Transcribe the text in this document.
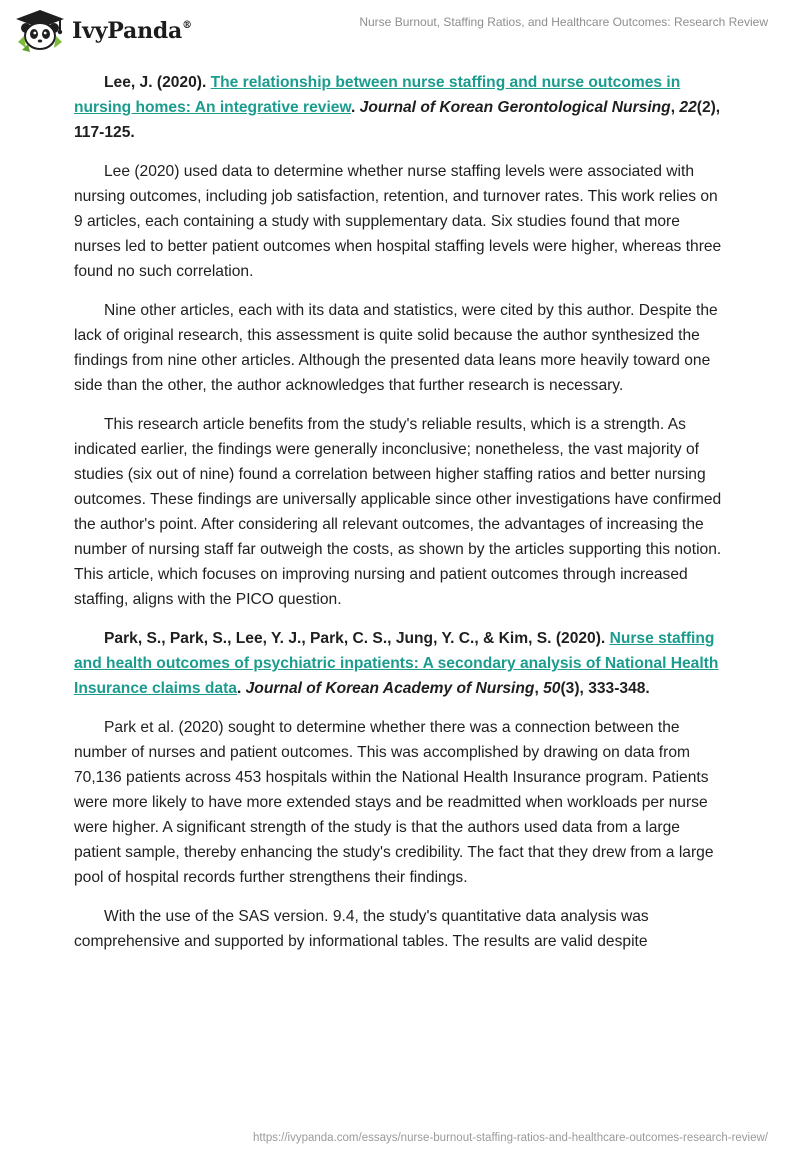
IvyPanda®	Nurse Burnout, Staffing Ratios, and Healthcare Outcomes: Research Review

Lee, J. (2020). The relationship between nurse staffing and nurse outcomes in nursing homes: An integrative review. Journal of Korean Gerontological Nursing, 22(2), 117-125.

Lee (2020) used data to determine whether nurse staffing levels were associated with nursing outcomes, including job satisfaction, retention, and turnover rates. This work relies on 9 articles, each containing a study with supplementary data. Six studies found that more nurses led to better patient outcomes when hospital staffing levels were higher, whereas three found no such correlation.

Nine other articles, each with its data and statistics, were cited by this author. Despite the lack of original research, this assessment is quite solid because the author synthesized the findings from nine other articles. Although the presented data leans more heavily toward one side than the other, the author acknowledges that further research is necessary.

This research article benefits from the study's reliable results, which is a strength. As indicated earlier, the findings were generally inconclusive; nonetheless, the vast majority of studies (six out of nine) found a correlation between higher staffing ratios and better nursing outcomes. These findings are universally applicable since other investigations have confirmed the author's point. After considering all relevant outcomes, the advantages of increasing the number of nursing staff far outweigh the costs, as shown by the articles supporting this notion. This article, which focuses on improving nursing and patient outcomes through increased staffing, aligns with the PICO question.

Park, S., Park, S., Lee, Y. J., Park, C. S., Jung, Y. C., & Kim, S. (2020). Nurse staffing and health outcomes of psychiatric inpatients: A secondary analysis of National Health Insurance claims data. Journal of Korean Academy of Nursing, 50(3), 333-348.

Park et al. (2020) sought to determine whether there was a connection between the number of nurses and patient outcomes. This was accomplished by drawing on data from 70,136 patients across 453 hospitals within the National Health Insurance program. Patients were more likely to have more extended stays and be readmitted when workloads per nurse were higher. A significant strength of the study is that the authors used data from a large patient sample, thereby enhancing the study's credibility. The fact that they drew from a large pool of hospital records further strengthens their findings.

With the use of the SAS version. 9.4, the study's quantitative data analysis was comprehensive and supported by informational tables. The results are valid despite

https://ivypanda.com/essays/nurse-burnout-staffing-ratios-and-healthcare-outcomes-research-review/
